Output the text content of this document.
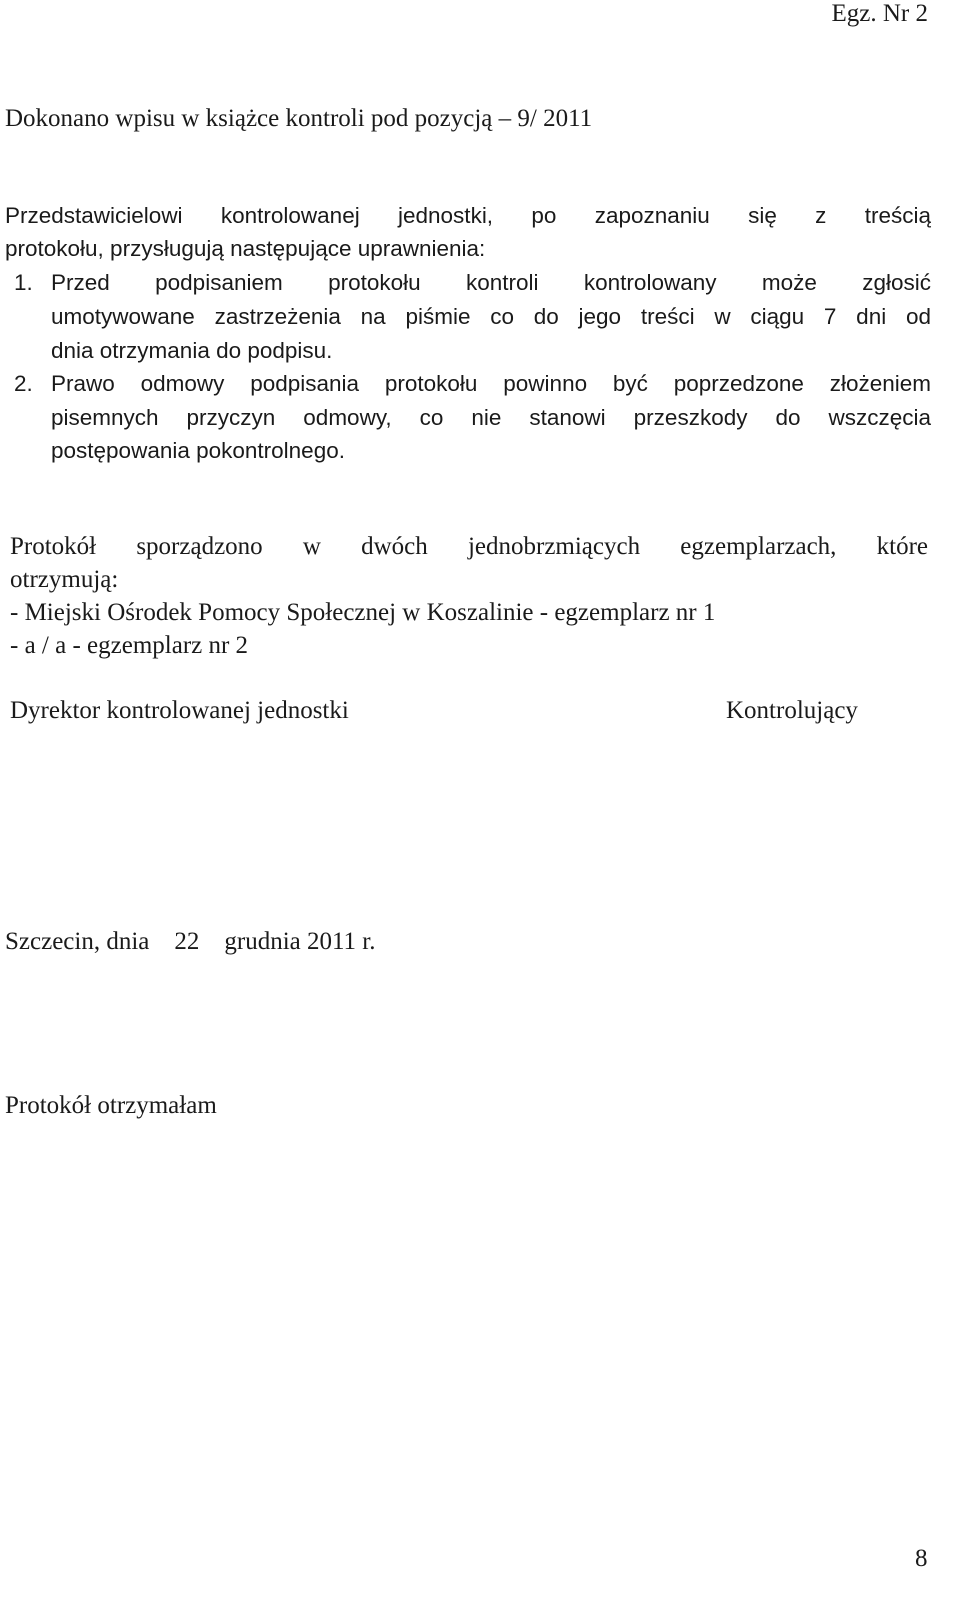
Egz. Nr 2
Dokonano wpisu w książce kontroli pod pozycją – 9/ 2011
Przedstawicielowi kontrolowanej jednostki, po zapoznaniu się z treścią
protokołu, przysługują następujące uprawnienia:
1. Przed podpisaniem protokołu kontroli kontrolowany może zgłosić
umotywowane zastrzeżenia na piśmie co do jego treści w ciągu 7 dni od
dnia otrzymania do podpisu.
2. Prawo odmowy podpisania protokołu powinno być poprzedzone złożeniem
pisemnych przyczyn odmowy, co nie stanowi przeszkody do wszczęcia
postępowania pokontrolnego.
Protokół sporządzono w dwóch jednobrzmiących egzemplarzach, które
otrzymują:
- Miejski Ośrodek Pomocy Społecznej w Koszalinie - egzemplarz nr 1
- a / a - egzemplarz nr 2
Dyrektor kontrolowanej jednostki	Kontrolujący
Szczecin, dnia    22    grudnia 2011 r.
Protokół otrzymałam
8
